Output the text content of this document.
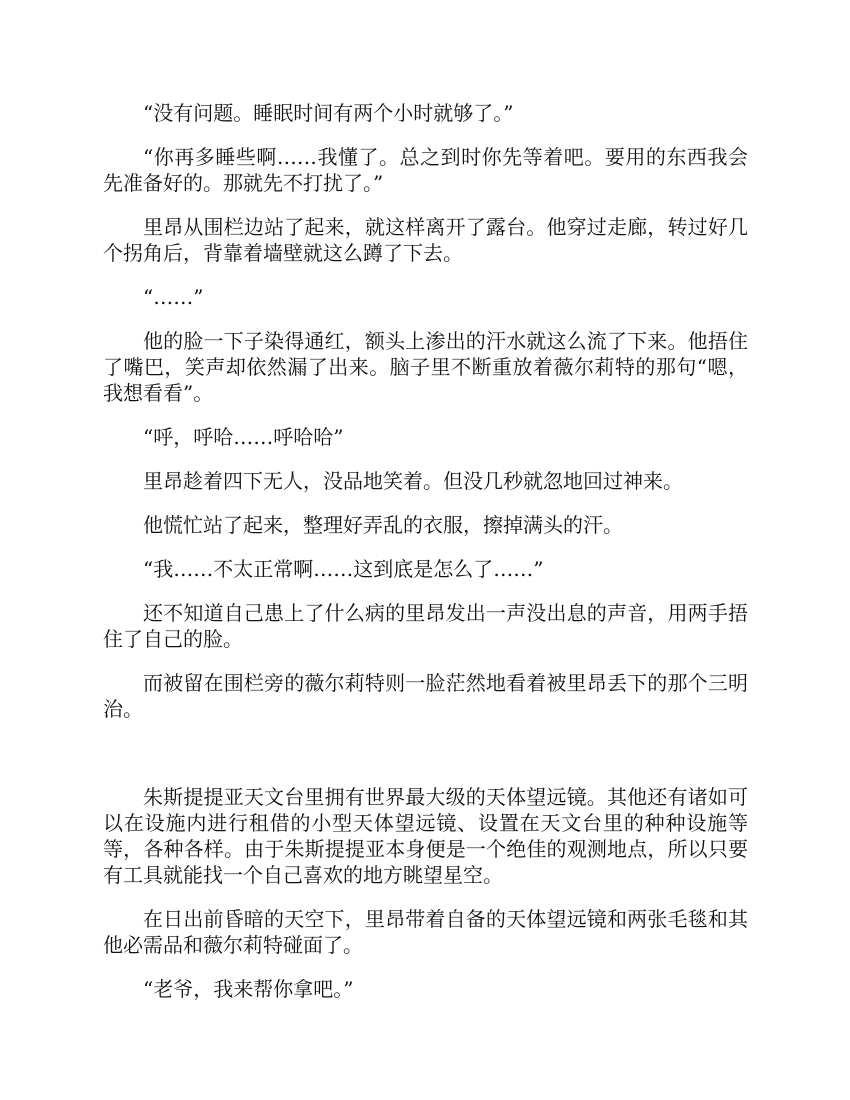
“没有问题。睡眠时间有两个小时就够了。”

“你再多睡些啊……我懂了。总之到时你先等着吧。要用的东西我会先准备好的。那就先不打扰了。”

里昂从围栏边站了起来，就这样离开了露台。他穿过走廊，转过好几个拐角后，背靠着墙壁就这么蹲了下去。

“……”

他的脸一下子染得通红，额头上渗出的汗水就这么流了下来。他捂住了嘴巴，笑声却依然漏了出来。脑子里不断重放着薇尔莉特的那句“嗯，我想看看”。

“呼，呼哈……呼哈哈”

里昂趁着四下无人，没品地笑着。但没几秒就忽地回过神来。

他慌忙站了起来，整理好弄乱的衣服，擦掉满头的汗。

“我……不太正常啊……这到底是怎么了……”

还不知道自己患上了什么病的里昂发出一声没出息的声音，用两手捂住了自己的脸。

而被留在围栏旁的薇尔莉特则一脸茫然地看着被里昂丢下的那个三明治。

朱斯提提亚天文台里拥有世界最大级的天体望远镜。其他还有诸如可以在设施内进行租借的小型天体望远镜、设置在天文台里的种种设施等等，各种各样。由于朱斯提提亚本身便是一个绝佳的观测地点，所以只要有工具就能找一个自己喜欢的地方眺望星空。

在日出前昏暗的天空下，里昂带着自备的天体望远镜和两张毛毯和其他必需品和薇尔莉特碰面了。

“老爷，我来帮你拿吧。”
